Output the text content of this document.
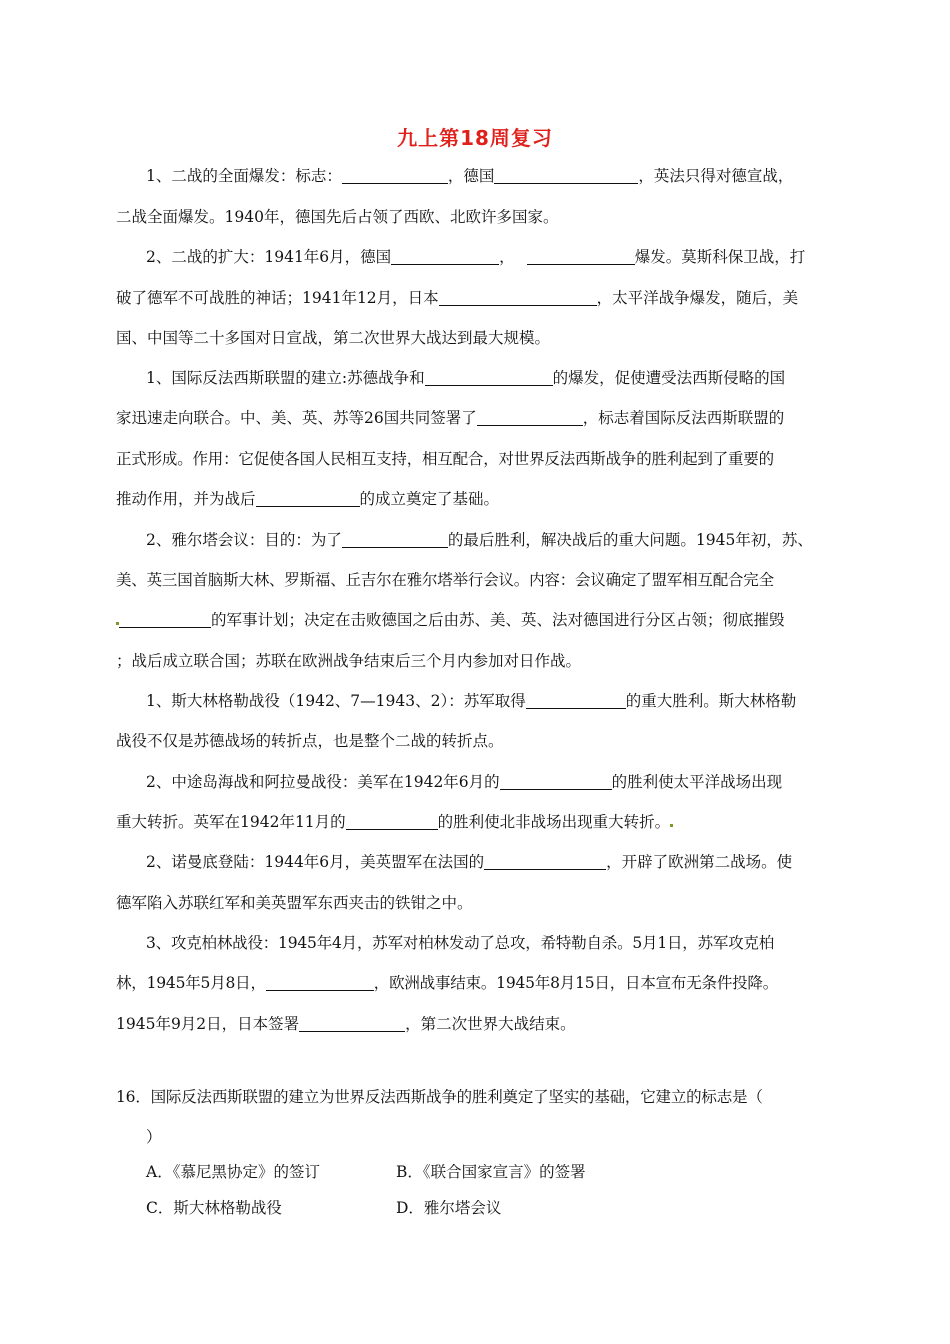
九上第18周复习
1、二战的全面爆发：标志：	，德国	，英法只得对德宣战，
二战全面爆发。1940年，德国先后占领了西欧、北欧许多国家。
2、二战的扩大：1941年6月，德国	，	爆发。莫斯科保卫战，打
破了德军不可战胜的神话；1941年12月，日本	，太平洋战争爆发，随后，美
国、中国等二十多国对日宣战，第二次世界大战达到最大规模。
1、国际反法西斯联盟的建立:苏德战争和	的爆发，促使遭受法西斯侵略的国
家迅速走向联合。中、美、英、苏等26国共同签署了	，标志着国际反法西斯联盟的
正式形成。作用：它促使各国人民相互支持，相互配合，对世界反法西斯战争的胜利起到了重要的
推动作用，并为战后	的成立奠定了基础。
2、雅尔塔会议：目的：为了	的最后胜利，解决战后的重大问题。1945年初，苏、
美、英三国首脑斯大林、罗斯福、丘吉尔在雅尔塔举行会议。内容：会议确定了盟军相互配合完全
的军事计划；决定在击败德国之后由苏、美、英、法对德国进行分区占领；彻底摧毁
；战后成立联合国；苏联在欧洲战争结束后三个月内参加对日作战。
1、斯大林格勒战役（1942、7—1943、2）：苏军取得	的重大胜利。斯大林格勒
战役不仅是苏德战场的转折点，也是整个二战的转折点。
2、中途岛海战和阿拉曼战役：美军在1942年6月的	的胜利使太平洋战场出现
重大转折。英军在1942年11月的	的胜利使北非战场出现重大转折。
2、诺曼底登陆：1944年6月，美英盟军在法国的	，开辟了欧洲第二战场。使
德军陷入苏联红军和美英盟军东西夹击的铁钳之中。
3、攻克柏林战役：1945年4月，苏军对柏林发动了总攻，希特勒自杀。5月1日，苏军攻克柏
林，1945年5月8日，	，欧洲战事结束。1945年8月15日，日本宣布无条件投降。
1945年9月2日，日本签署	，第二次世界大战结束。
16．国际反法西斯联盟的建立为世界反法西斯战争的胜利奠定了坚实的基础，它建立的标志是（
）
A．《慕尼黑协定》的签订	B．《联合国家宣言》的签署
C．斯大林格勒战役	D．雅尔塔会议
